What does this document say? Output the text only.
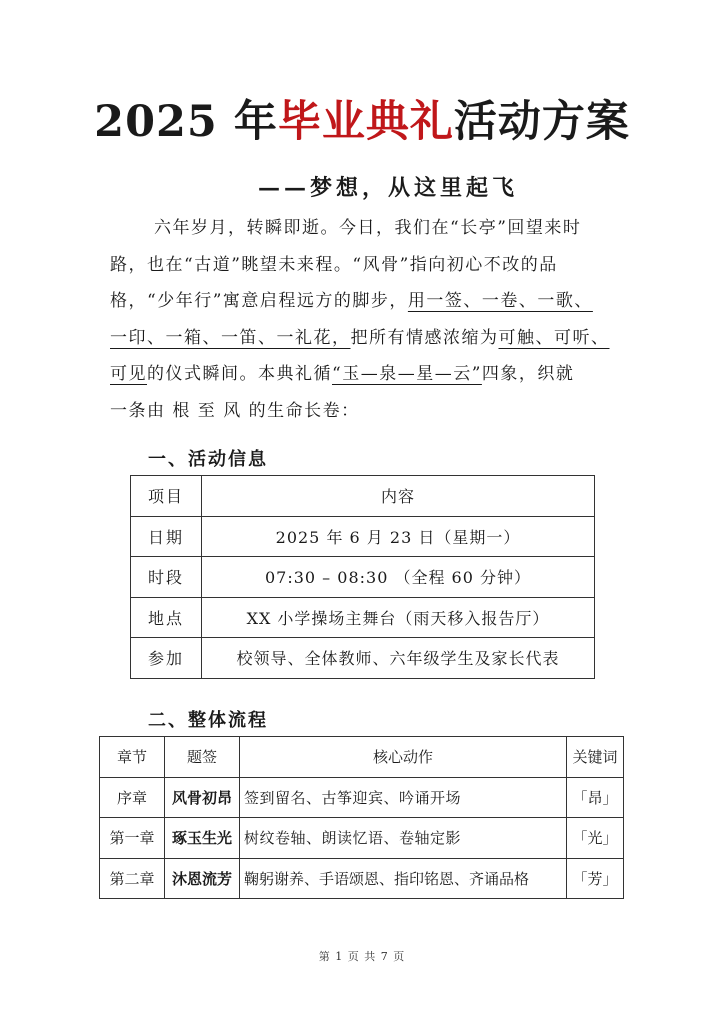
2025 年毕业典礼活动方案
——梦想，从这里起飞
六年岁月，转瞬即逝。今日，我们在“长亭”回望来时
路，也在“古道”眺望未来程。“风骨”指向初心不改的品
格，“少年行”寓意启程远方的脚步，用一签、一卷、一歌、
一印、一箱、一笛、一礼花，把所有情感浓缩为可触、可听、
可见的仪式瞬间。本典礼循“玉—泉—星—云”四象，织就
一条由 根 至 风 的生命长卷：
一、活动信息
项目	内容
日期	2025 年 6 月 23 日（星期一）
时段	07:30 – 08:30 （全程 60 分钟）
地点	XX 小学操场主舞台（雨天移入报告厅）
参加	校领导、全体教师、六年级学生及家长代表
二、整体流程
章节	题签	核心动作	关键词
序章	风骨初昂	签到留名、古筝迎宾、吟诵开场	「昂」
第一章	琢玉生光	树纹卷轴、朗读忆语、卷轴定影	「光」
第二章	沐恩流芳	鞠躬谢养、手语颂恩、指印铭恩、齐诵品格	「芳」
第 1 页 共 7 页
